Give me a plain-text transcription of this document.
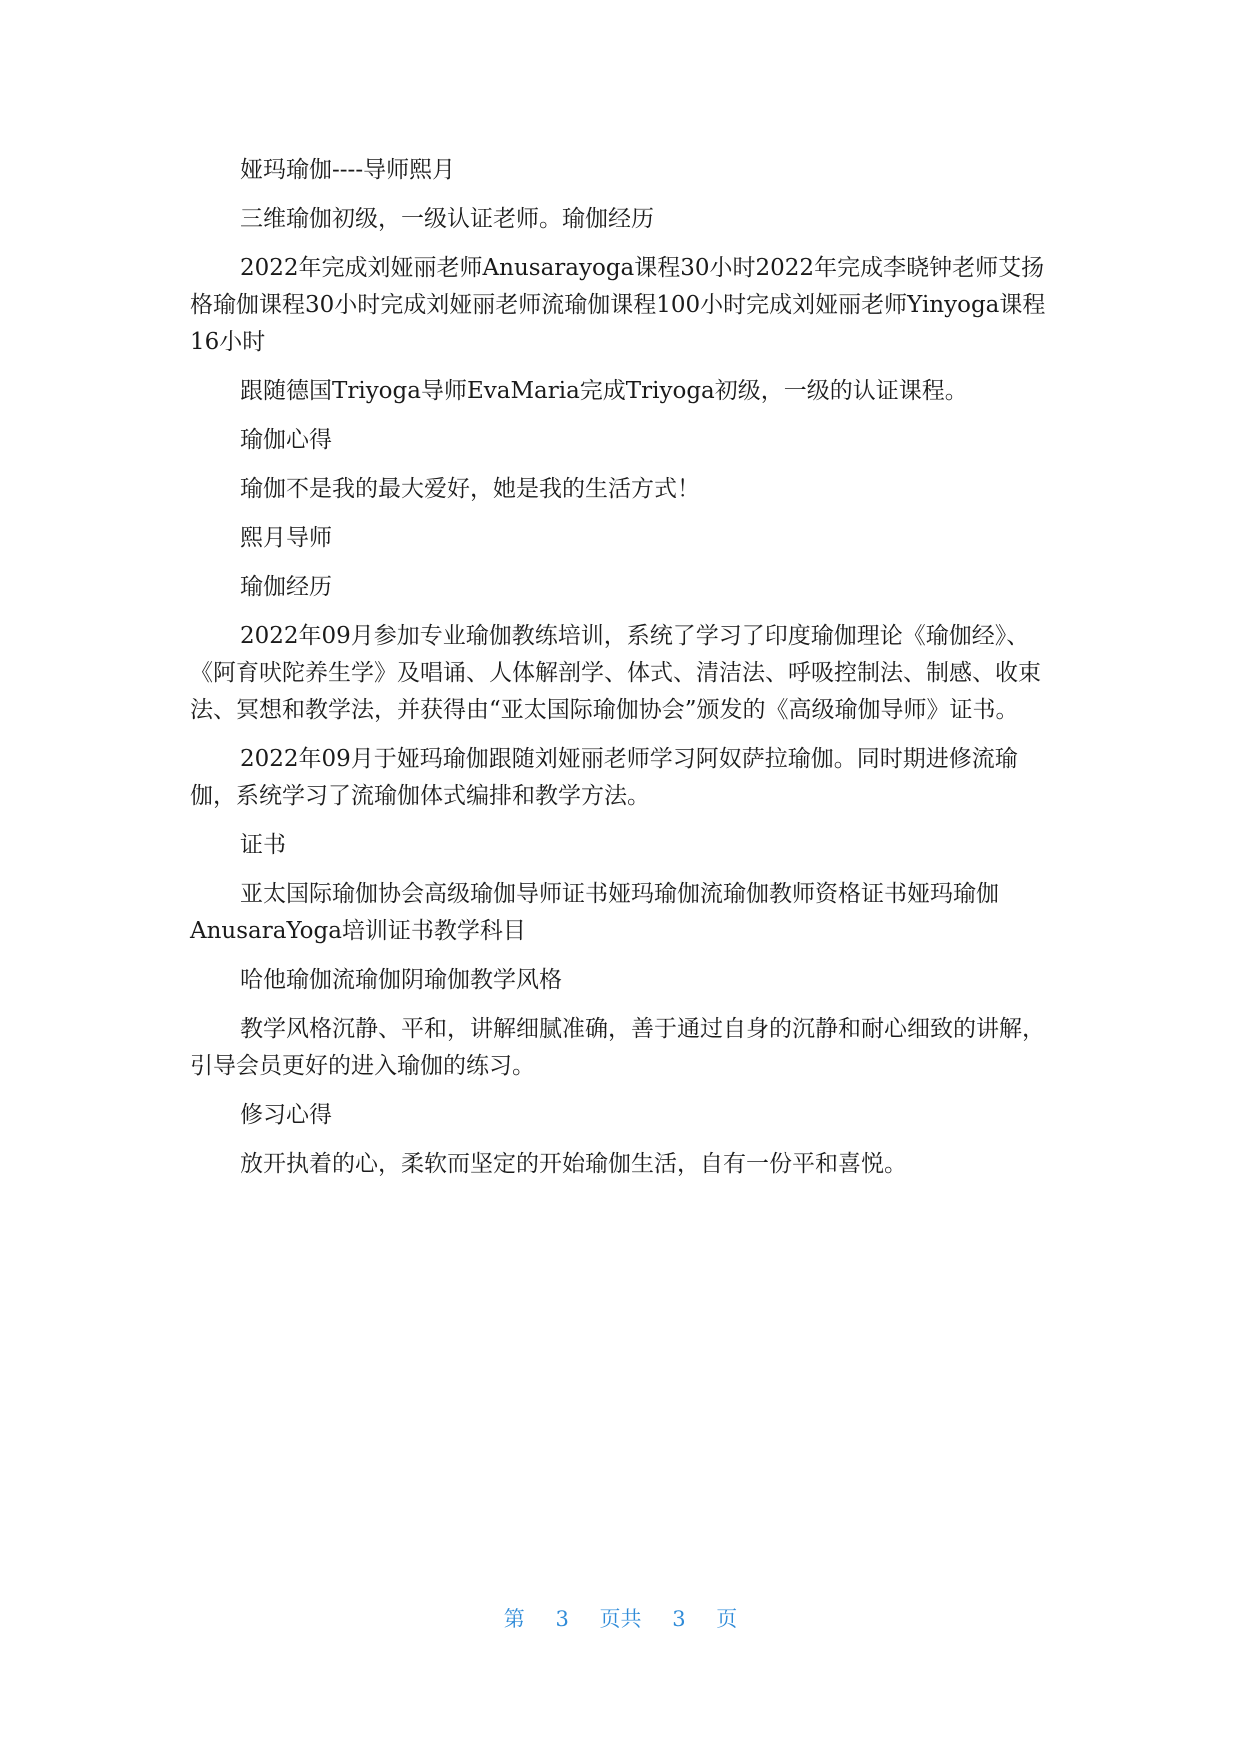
娅玛瑜伽----导师熙月

三维瑜伽初级，一级认证老师。瑜伽经历

2022年完成刘娅丽老师Anusarayoga课程30小时2022年完成李晓钟老师艾扬格瑜伽课程30小时完成刘娅丽老师流瑜伽课程100小时完成刘娅丽老师Yinyoga课程16小时

跟随德国Triyoga导师EvaMaria完成Triyoga初级，一级的认证课程。

瑜伽心得

瑜伽不是我的最大爱好，她是我的生活方式！

熙月导师

瑜伽经历

2022年09月参加专业瑜伽教练培训，系统了学习了印度瑜伽理论《瑜伽经》、《阿育吠陀养生学》及唱诵、人体解剖学、体式、清洁法、呼吸控制法、制感、收束法、冥想和教学法，并获得由“亚太国际瑜伽协会”颁发的《高级瑜伽导师》证书。

2022年09月于娅玛瑜伽跟随刘娅丽老师学习阿奴萨拉瑜伽。同时期进修流瑜伽，系统学习了流瑜伽体式编排和教学方法。

证书

亚太国际瑜伽协会高级瑜伽导师证书娅玛瑜伽流瑜伽教师资格证书娅玛瑜伽AnusaraYoga培训证书教学科目

哈他瑜伽流瑜伽阴瑜伽教学风格

教学风格沉静、平和，讲解细腻准确，善于通过自身的沉静和耐心细致的讲解，引导会员更好的进入瑜伽的练习。

修习心得

放开执着的心，柔软而坚定的开始瑜伽生活，自有一份平和喜悦。

第 3 页共 3 页
